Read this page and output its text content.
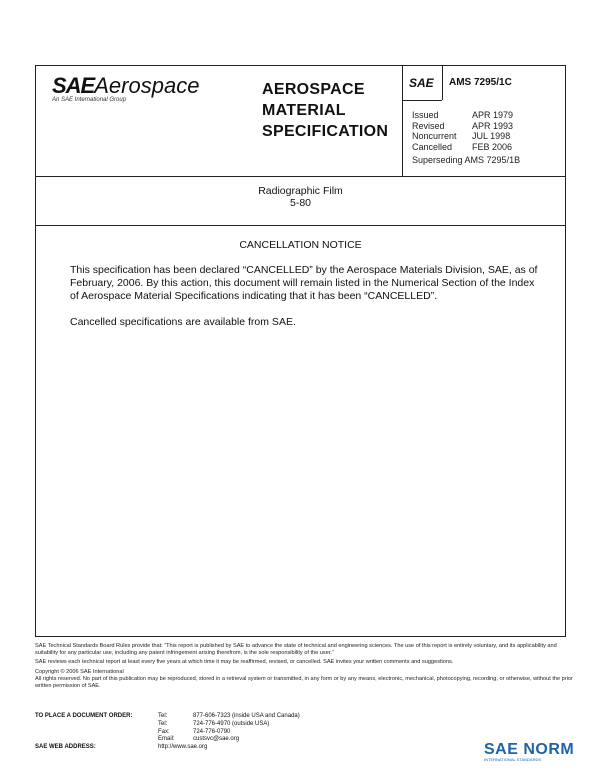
SAEAerospace
An SAE International Group
AEROSPACE
MATERIAL
SPECIFICATION
SAE AMS 7295/1C
Issued	APR 1979
Revised	APR 1993
Noncurrent	JUL 1998
Cancelled	FEB 2006
Superseding AMS 7295/1B
Radiographic Film
5-80
CANCELLATION NOTICE

This specification has been declared “CANCELLED” by the Aerospace Materials Division, SAE, as of February, 2006. By this action, this document will remain listed in the Numerical Section of the Index of Aerospace Material Specifications indicating that it has been “CANCELLED”.

Cancelled specifications are available from SAE.

SAE Technical Standards Board Rules provide that: “This report is published by SAE to advance the state of technical and engineering sciences. The use of this report is entirely voluntary, and its applicability and suitability for any particular use, including any patent infringement arising therefrom, is the sole responsibility of the user.”

SAE reviews each technical report at least every five years at which time it may be reaffirmed, revised, or cancelled. SAE invites your written comments and suggestions.

Copyright © 2006 SAE International
All rights reserved. No part of this publication may be reproduced, stored in a retrieval system or transmitted, in any form or by any means, electronic, mechanical, photocopying, recording, or otherwise, without the prior written permission of SAE.
TO PLACE A DOCUMENT ORDER:	Tel:	877-606-7323 (inside USA and Canada)
Tel:	724-776-4970 (outside USA)
Fax:	724-776-0790
Email:	custsvc@sae.org
SAE WEB ADDRESS:	http://www.sae.org	SAE NORM
INTERNATIONAL STANDARDS
